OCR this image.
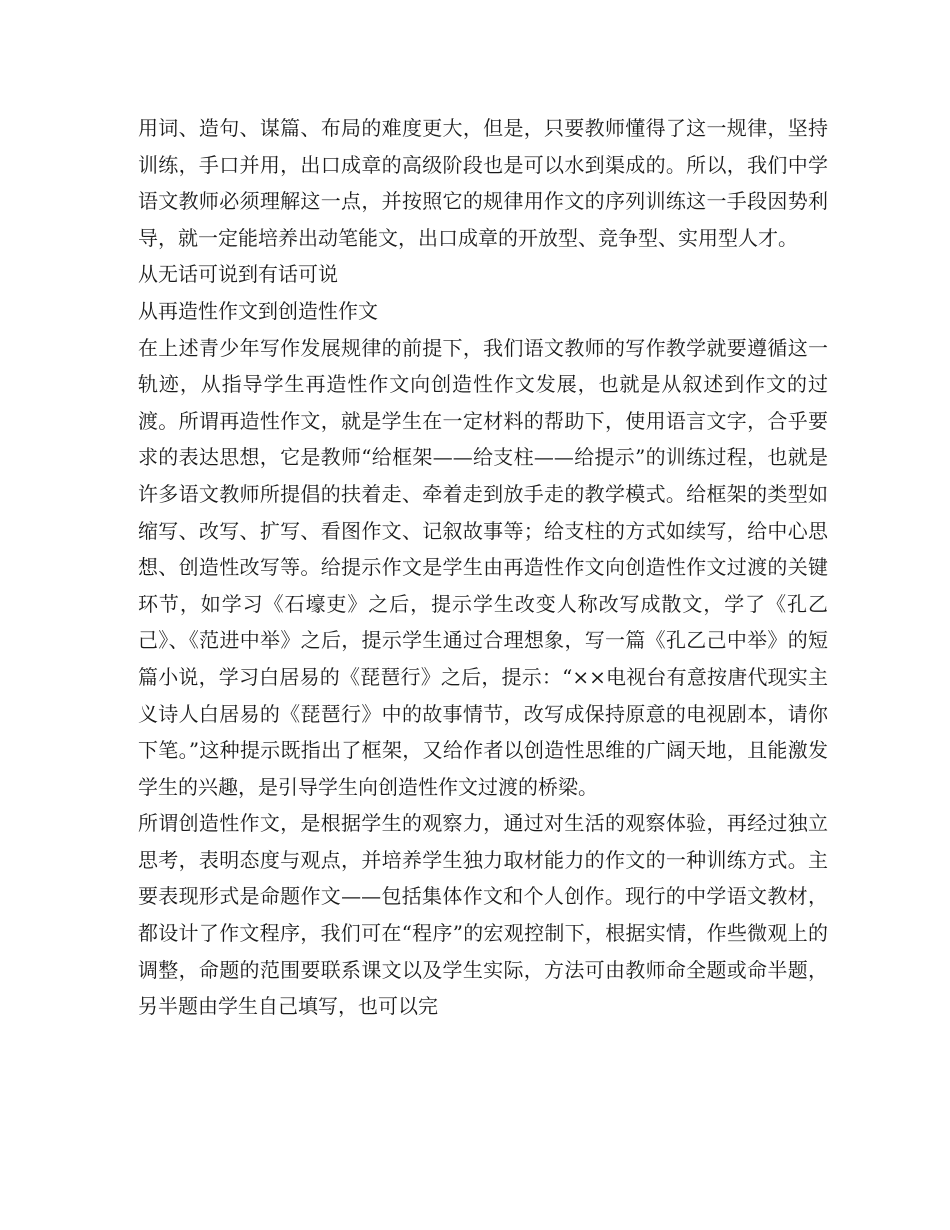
用词、造句、谋篇、布局的难度更大，但是，只要教师懂得了这一规律，坚持训练，手口并用，出口成章的高级阶段也是可以水到渠成的。所以，我们中学语文教师必须理解这一点，并按照它的规律用作文的序列训练这一手段因势利导，就一定能培养出动笔能文，出口成章的开放型、竞争型、实用型人才。

从无话可说到有话可说

从再造性作文到创造性作文

在上述青少年写作发展规律的前提下，我们语文教师的写作教学就要遵循这一轨迹，从指导学生再造性作文向创造性作文发展，也就是从叙述到作文的过渡。所谓再造性作文，就是学生在一定材料的帮助下，使用语言文字，合乎要求的表达思想，它是教师“给框架——给支柱——给提示”的训练过程，也就是许多语文教师所提倡的扶着走、牵着走到放手走的教学模式。给框架的类型如缩写、改写、扩写、看图作文、记叙故事等；给支柱的方式如续写，给中心思想、创造性改写等。给提示作文是学生由再造性作文向创造性作文过渡的关键环节，如学习《石壕吏》之后，提示学生改变人称改写成散文，学了《孔乙己》、《范进中举》之后，提示学生通过合理想象，写一篇《孔乙己中举》的短篇小说，学习白居易的《琵琶行》之后，提示：“××电视台有意按唐代现实主义诗人白居易的《琵琶行》中的故事情节，改写成保持原意的电视剧本，请你下笔。”这种提示既指出了框架，又给作者以创造性思维的广阔天地，且能激发学生的兴趣，是引导学生向创造性作文过渡的桥梁。

所谓创造性作文，是根据学生的观察力，通过对生活的观察体验，再经过独立思考，表明态度与观点，并培养学生独力取材能力的作文的一种训练方式。主要表现形式是命题作文——包括集体作文和个人创作。现行的中学语文教材，都设计了作文程序，我们可在“程序”的宏观控制下，根据实情，作些微观上的调整，命题的范围要联系课文以及学生实际，方法可由教师命全题或命半题，另半题由学生自己填写，也可以完
